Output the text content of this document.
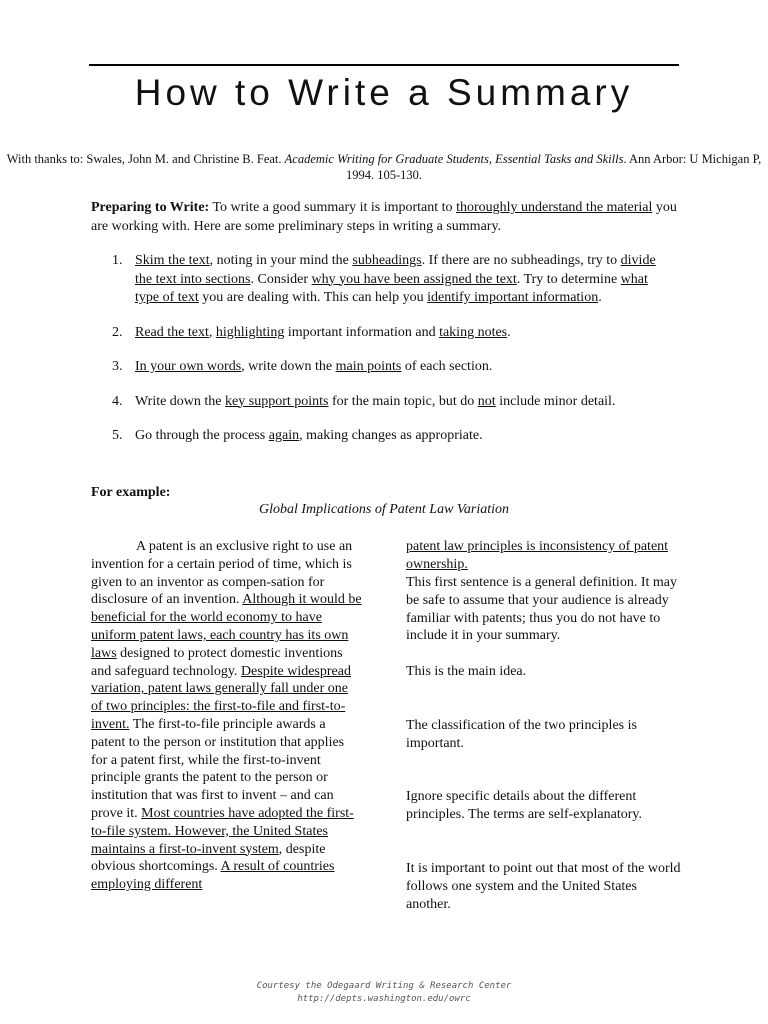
How to Write a Summary
With thanks to: Swales, John M. and Christine B. Feat. Academic Writing for Graduate Students, Essential Tasks and Skills. Ann Arbor: U Michigan P, 1994. 105-130.
Preparing to Write: To write a good summary it is important to thoroughly understand the material you are working with. Here are some preliminary steps in writing a summary.
1. Skim the text, noting in your mind the subheadings. If there are no subheadings, try to divide the text into sections. Consider why you have been assigned the text. Try to determine what type of text you are dealing with. This can help you identify important information.
2. Read the text, highlighting important information and taking notes.
3. In your own words, write down the main points of each section.
4. Write down the key support points for the main topic, but do not include minor detail.
5. Go through the process again, making changes as appropriate.
For example:
Global Implications of Patent Law Variation
A patent is an exclusive right to use an invention for a certain period of time, which is given to an inventor as compen-sation for disclosure of an invention. Although it would be beneficial for the world economy to have uniform patent laws, each country has its own laws designed to protect domestic inventions and safeguard technology. Despite widespread variation, patent laws generally fall under one of two principles: the first-to-file and first-to-invent. The first-to-file principle awards a patent to the person or institution that applies for a patent first, while the first-to-invent principle grants the patent to the person or institution that was first to invent – and can prove it. Most countries have adopted the first-to-file system. However, the United States maintains a first-to-invent system, despite obvious shortcomings. A result of countries employing different
patent law principles is inconsistency of patent ownership.
This first sentence is a general definition. It may be safe to assume that your audience is already familiar with patents; thus you do not have to include it in your summary.
This is the main idea.
The classification of the two principles is important.
Ignore specific details about the different principles. The terms are self-explanatory.
It is important to point out that most of the world follows one system and the United States another.
Courtesy the Odegaard Writing & Research Center
http://depts.washington.edu/owrc
